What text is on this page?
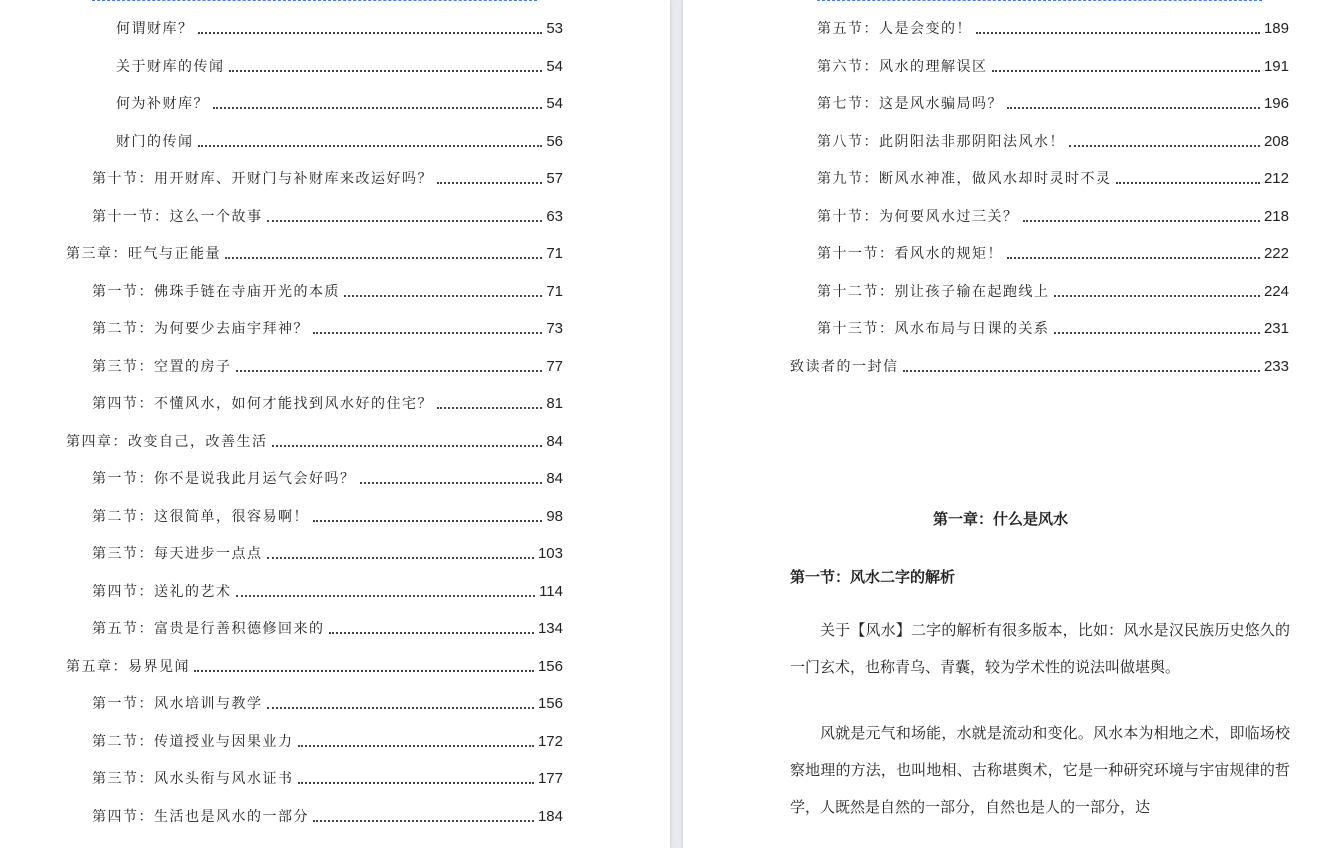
何谓财库？	53
关于财库的传闻	54
何为补财库？	54
财门的传闻	56
第十节：用开财库、开财门与补财库来改运好吗？	57
第十一节：这么一个故事	63
第三章：旺气与正能量	71
第一节：佛珠手链在寺庙开光的本质	71
第二节：为何要少去庙宇拜神？	73
第三节：空置的房子	77
第四节：不懂风水，如何才能找到风水好的住宅？	81
第四章：改变自己，改善生活	84
第一节：你不是说我此月运气会好吗？	84
第二节：这很简单，很容易啊！	98
第三节：每天进步一点点	103
第四节：送礼的艺术	114
第五节：富贵是行善积德修回来的	134
第五章：易界见闻	156
第一节：风水培训与教学	156
第二节：传道授业与因果业力	172
第三节：风水头衔与风水证书	177
第四节：生活也是风水的一部分	184
第五节：人是会变的！	189
第六节：风水的理解误区	191
第七节：这是风水骗局吗？	196
第八节：此阴阳法非那阴阳法风水！	208
第九节：断风水神准，做风水却时灵时不灵	212
第十节：为何要风水过三关？	218
第十一节：看风水的规矩！	222
第十二节：别让孩子输在起跑线上	224
第十三节：风水布局与日课的关系	231
致读者的一封信	233
第一章：什么是风水
第一节：风水二字的解析
关于【风水】二字的解析有很多版本，比如：风水是汉民族历史悠久的一门玄术，也称青乌、青囊，较为学术性的说法叫做堪舆。
风就是元气和场能，水就是流动和变化。风水本为相地之术，即临场校察地理的方法，也叫地相、古称堪舆术，它是一种研究环境与宇宙规律的哲学，人既然是自然的一部分，自然也是人的一部分，达
